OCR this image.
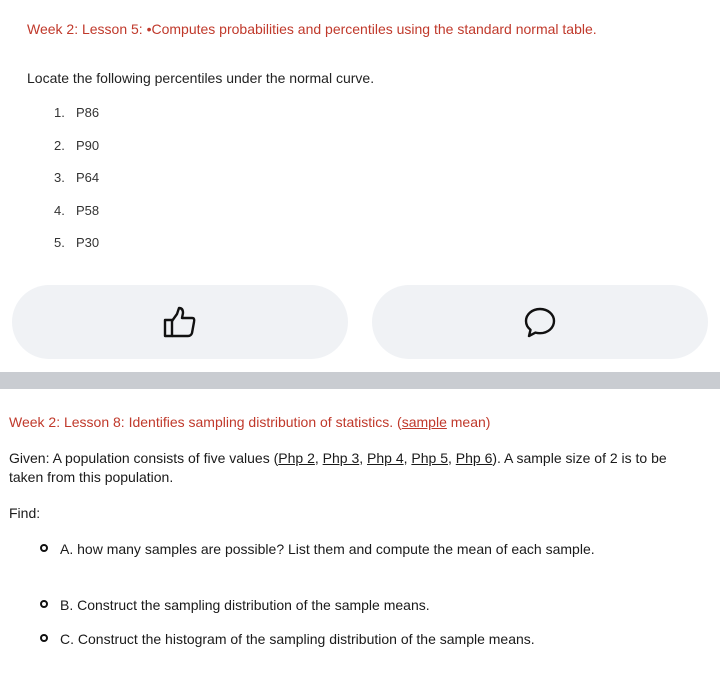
Week 2: Lesson 5: •Computes probabilities and percentiles using the standard normal table.
Locate the following percentiles under the normal curve.
1. P86
2. P90
3. P64
4. P58
5. P30
Week 2: Lesson 8: Identifies sampling distribution of statistics. (sample mean)
Given: A population consists of five values (Php 2, Php 3, Php 4, Php 5, Php 6). A sample size of 2 is to be taken from this population.
Find:
A. how many samples are possible? List them and compute the mean of each sample.
B. Construct the sampling distribution of the sample means.
C. Construct the histogram of the sampling distribution of the sample means.
